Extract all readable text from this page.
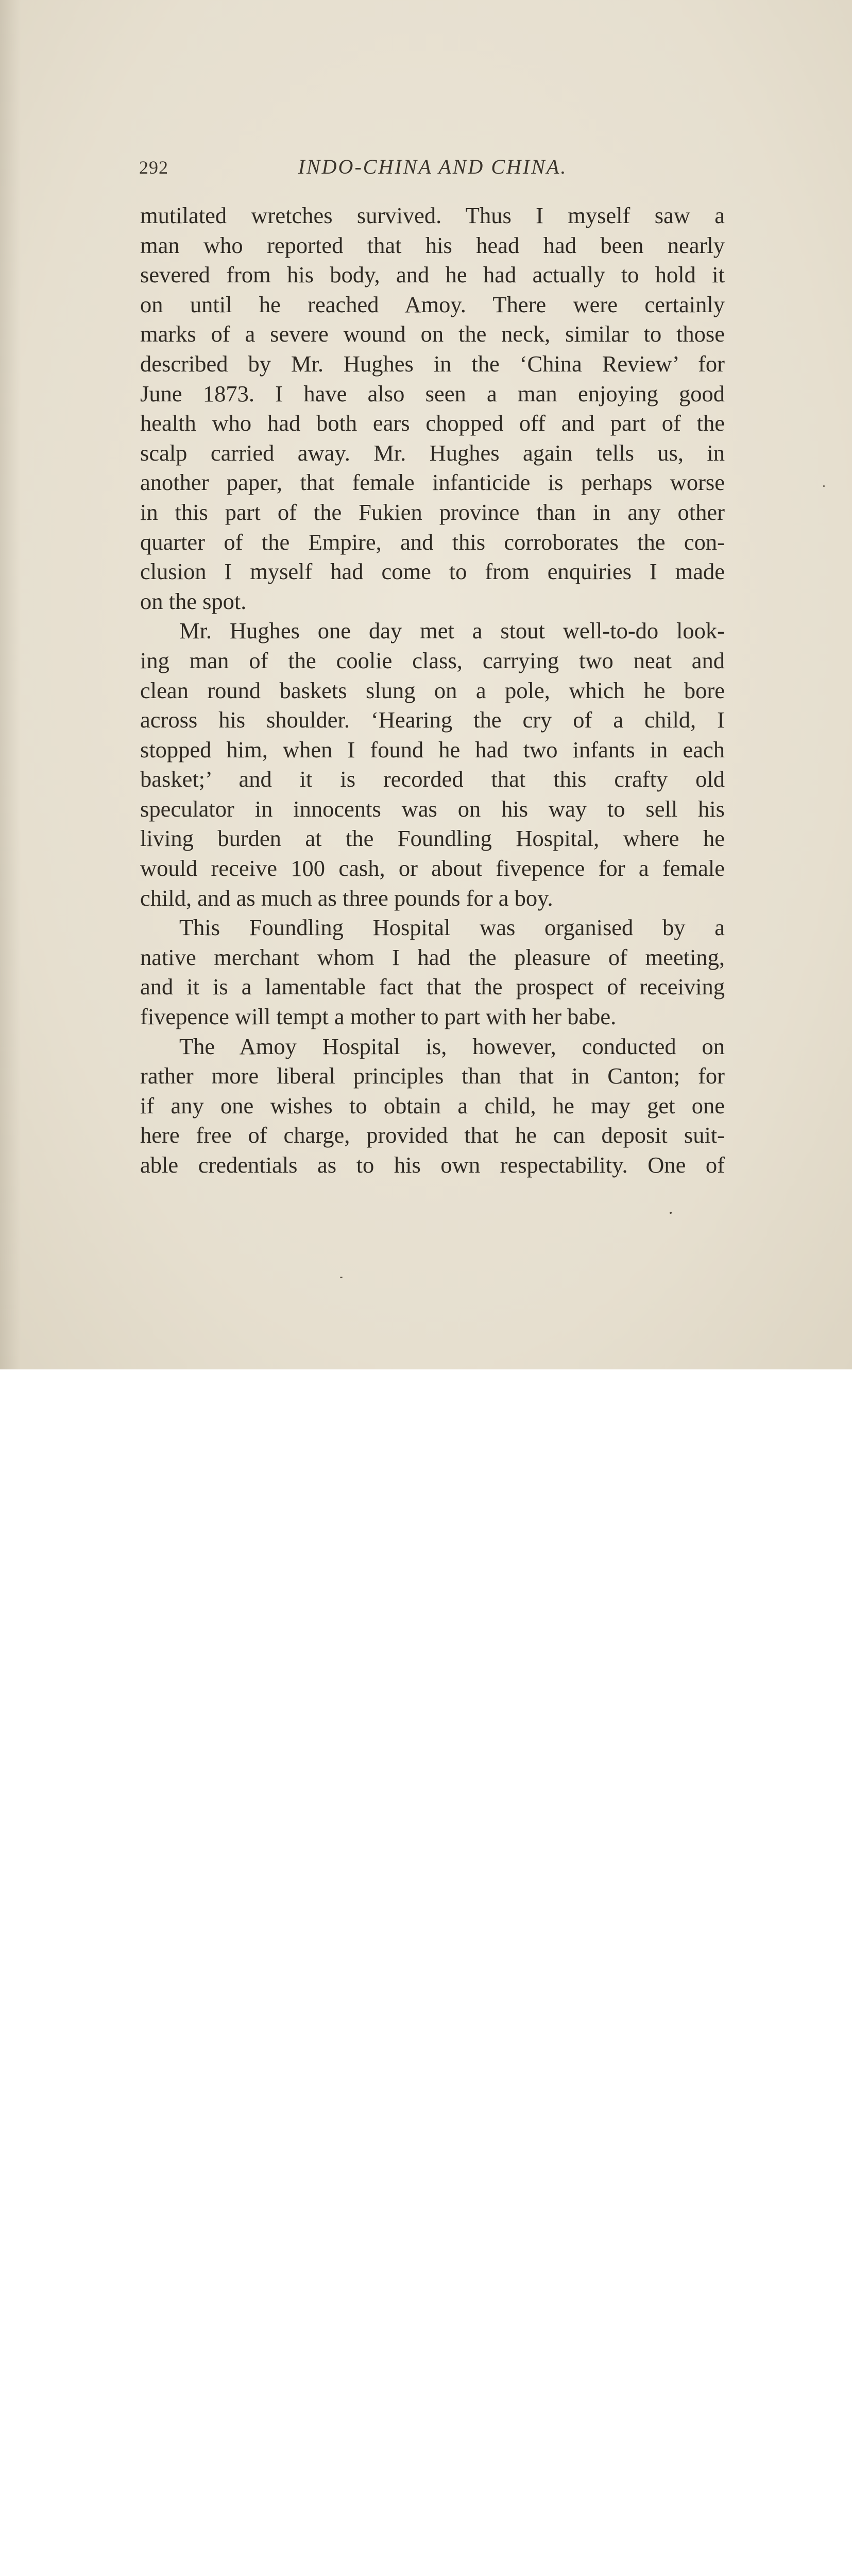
292	INDO-CHINA AND CHINA.

mutilated wretches survived. Thus I myself saw a
man who reported that his head had been nearly
severed from his body, and he had actually to hold it
on until he reached Amoy. There were certainly
marks of a severe wound on the neck, similar to those
described by Mr. Hughes in the ‘China Review’ for
June 1873. I have also seen a man enjoying good
health who had both ears chopped off and part of the
scalp carried away. Mr. Hughes again tells us, in
another paper, that female infanticide is perhaps worse
in this part of the Fukien province than in any other
quarter of the Empire, and this corroborates the con-
clusion I myself had come to from enquiries I made
on the spot.

Mr. Hughes one day met a stout well-to-do look-
ing man of the coolie class, carrying two neat and
clean round baskets slung on a pole, which he bore
across his shoulder. ‘Hearing the cry of a child, I
stopped him, when I found he had two infants in each
basket;’ and it is recorded that this crafty old
speculator in innocents was on his way to sell his
living burden at the Foundling Hospital, where he
would receive 100 cash, or about fivepence for a female
child, and as much as three pounds for a boy.

This Foundling Hospital was organised by a
native merchant whom I had the pleasure of meeting,
and it is a lamentable fact that the prospect of receiving
fivepence will tempt a mother to part with her babe.

The Amoy Hospital is, however, conducted on
rather more liberal principles than that in Canton; for
if any one wishes to obtain a child, he may get one
here free of charge, provided that he can deposit suit-
able credentials as to his own respectability. One of
